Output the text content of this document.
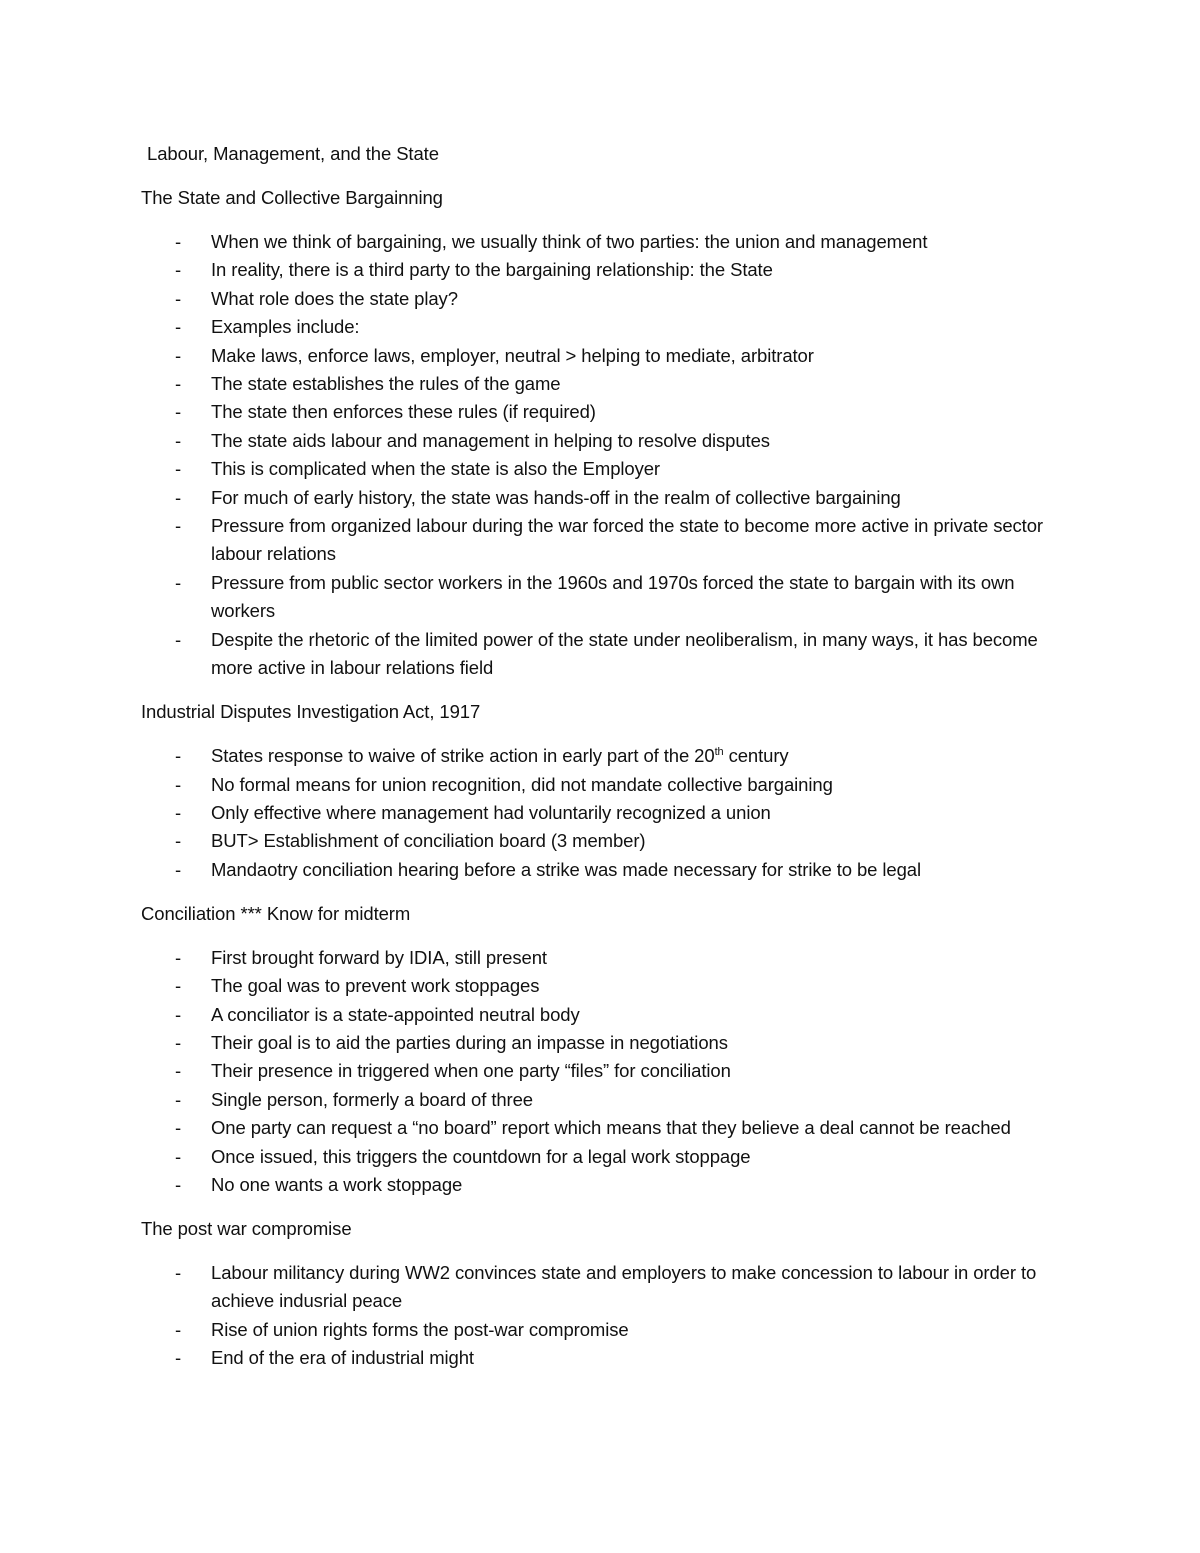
Labour, Management, and the State

The State and Collective Bargainning

- When we think of bargaining, we usually think of two parties: the union and management
- In reality, there is a third party to the bargaining relationship: the State
- What role does the state play?
- Examples include:
- Make laws, enforce laws, employer, neutral > helping to mediate, arbitrator
- The state establishes the rules of the game
- The state then enforces these rules (if required)
- The state aids labour and management in helping to resolve disputes
- This is complicated when the state is also the Employer
- For much of early history, the state was hands-off in the realm of collective bargaining
- Pressure from organized labour during the war forced the state to become more active in private sector labour relations
- Pressure from public sector workers in the 1960s and 1970s forced the state to bargain with its own workers
- Despite the rhetoric of the limited power of the state under neoliberalism, in many ways, it has become more active in labour relations field

Industrial Disputes Investigation Act, 1917

- States response to waive of strike action in early part of the 20th century
- No formal means for union recognition, did not mandate collective bargaining
- Only effective where management had voluntarily recognized a union
- BUT> Establishment of conciliation board (3 member)
- Mandaotry conciliation hearing before a strike was made necessary for strike to be legal

Conciliation *** Know for midterm

- First brought forward by IDIA, still present
- The goal was to prevent work stoppages
- A conciliator is a state-appointed neutral body
- Their goal is to aid the parties during an impasse in negotiations
- Their presence in triggered when one party “files” for conciliation
- Single person, formerly a board of three
- One party can request a “no board” report which means that they believe a deal cannot be reached
- Once issued, this triggers the countdown for a legal work stoppage
- No one wants a work stoppage

The post war compromise

- Labour militancy during WW2 convinces state and employers to make concession to labour in order to achieve indusrial peace
- Rise of union rights forms the post-war compromise
- End of the era of industrial might
